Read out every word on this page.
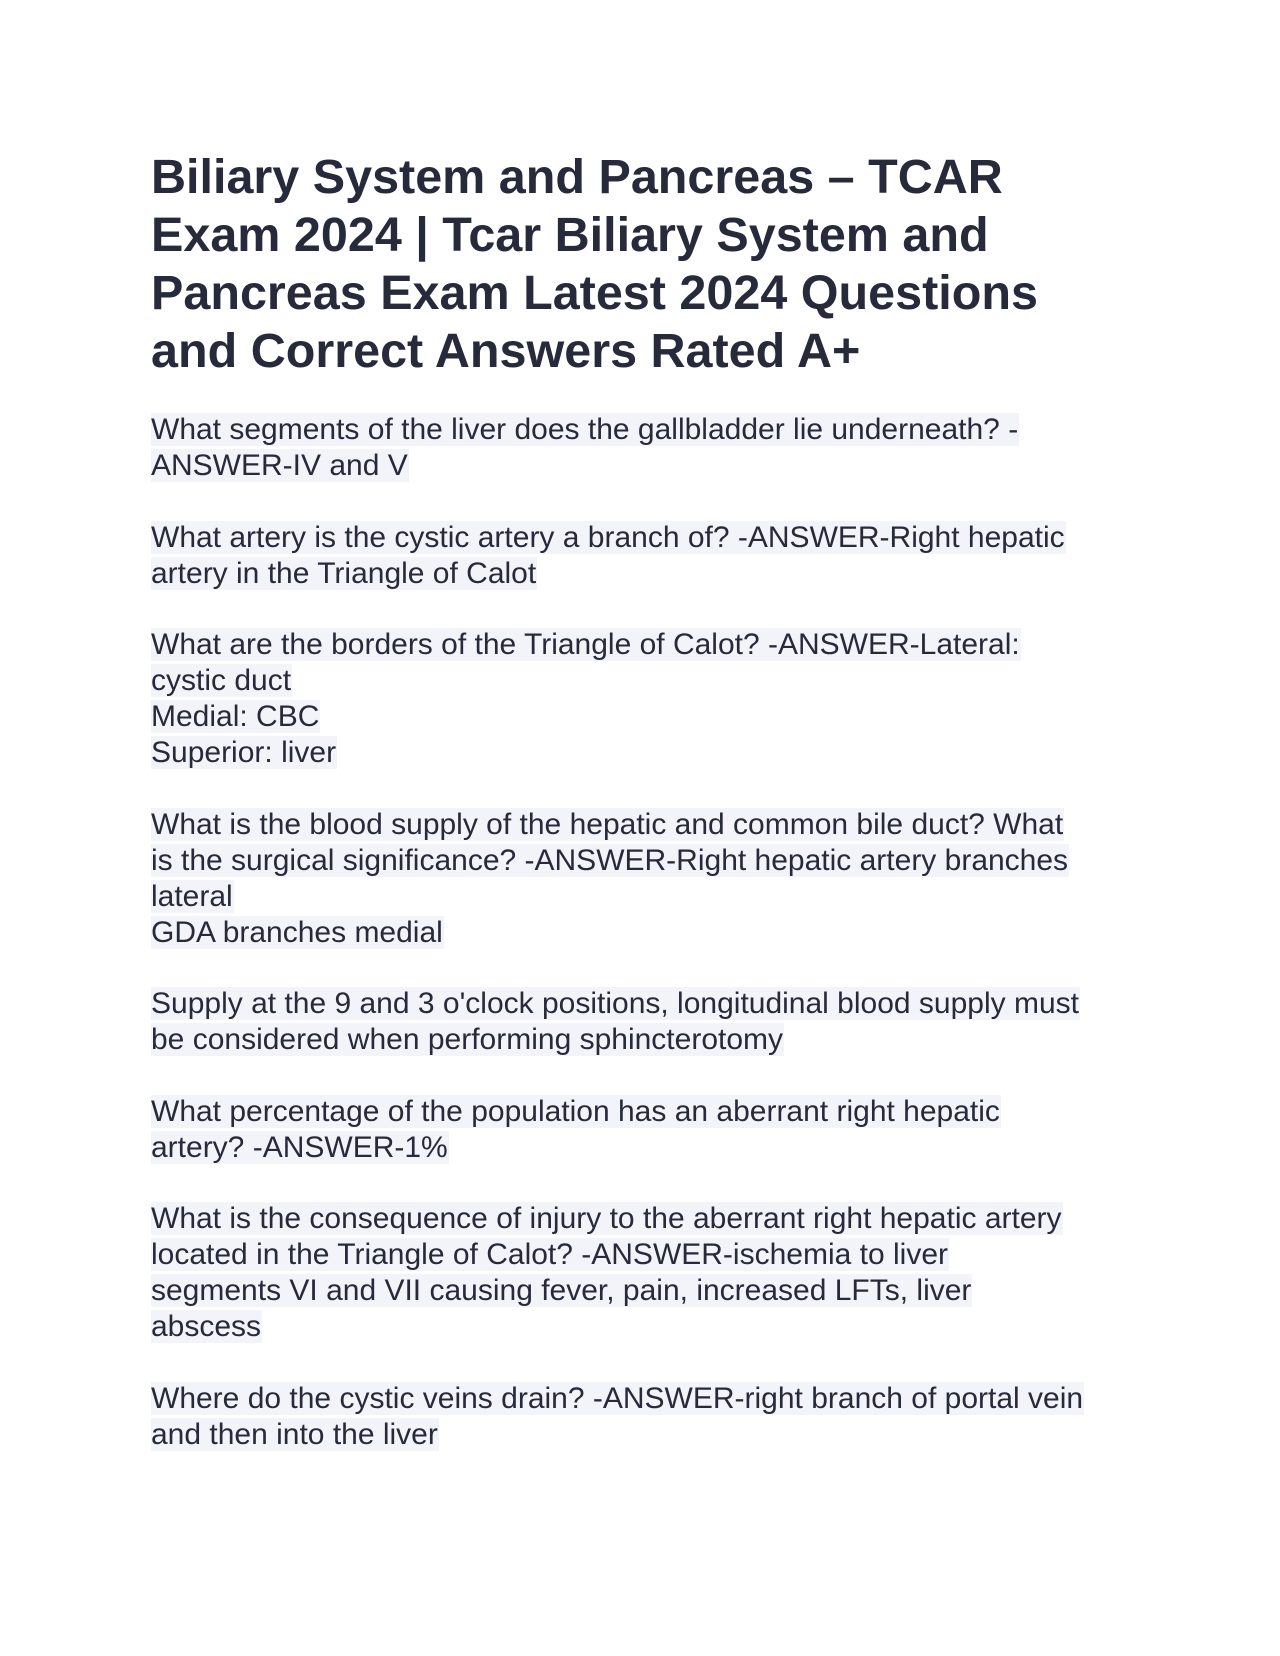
Biliary System and Pancreas – TCAR
Exam 2024 | Tcar Biliary System and
Pancreas Exam Latest 2024 Questions
and Correct Answers Rated A+
What segments of the liver does the gallbladder lie underneath? -
ANSWER-IV and V
What artery is the cystic artery a branch of? -ANSWER-Right hepatic
artery in the Triangle of Calot
What are the borders of the Triangle of Calot? -ANSWER-Lateral:
cystic duct
Medial: CBC
Superior: liver
What is the blood supply of the hepatic and common bile duct? What
is the surgical significance? -ANSWER-Right hepatic artery branches
lateral
GDA branches medial
Supply at the 9 and 3 o'clock positions, longitudinal blood supply must
be considered when performing sphincterotomy
What percentage of the population has an aberrant right hepatic
artery? -ANSWER-1%
What is the consequence of injury to the aberrant right hepatic artery
located in the Triangle of Calot? -ANSWER-ischemia to liver
segments VI and VII causing fever, pain, increased LFTs, liver
abscess
Where do the cystic veins drain? -ANSWER-right branch of portal vein
and then into the liver
